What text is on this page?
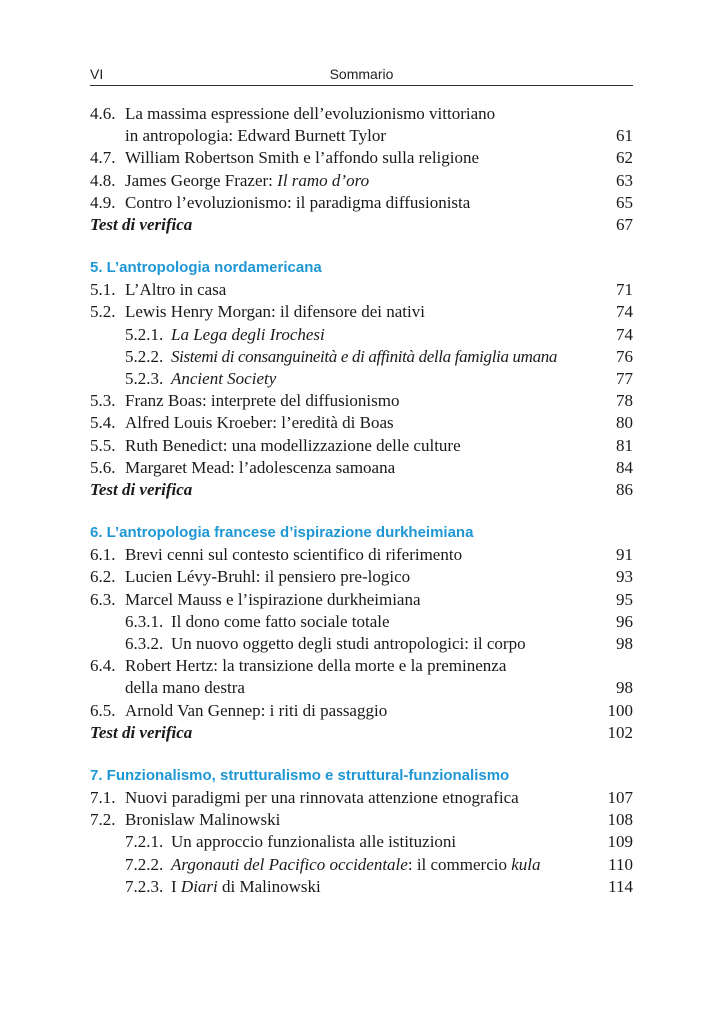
VI	Sommario
4.6. La massima espressione dell’evoluzionismo vittoriano
in antropologia: Edward Burnett Tylor	61
4.7. William Robertson Smith e l’affondo sulla religione	62
4.8. James George Frazer: Il ramo d’oro	63
4.9. Contro l’evoluzionismo: il paradigma diffusionista	65
Test di verifica	67
5. L’antropologia nordamericana
5.1. L’Altro in casa	71
5.2. Lewis Henry Morgan: il difensore dei nativi	74
5.2.1. La Lega degli Irochesi	74
5.2.2. Sistemi di consanguineità e di affinità della famiglia umana	76
5.2.3. Ancient Society	77
5.3. Franz Boas: interprete del diffusionismo	78
5.4. Alfred Louis Kroeber: l’eredità di Boas	80
5.5. Ruth Benedict: una modellizzazione delle culture	81
5.6. Margaret Mead: l’adolescenza samoana	84
Test di verifica	86
6. L’antropologia francese d’ispirazione durkheimiana
6.1. Brevi cenni sul contesto scientifico di riferimento	91
6.2. Lucien Lévy-Bruhl: il pensiero pre-logico	93
6.3. Marcel Mauss e l’ispirazione durkheimiana	95
6.3.1. Il dono come fatto sociale totale	96
6.3.2. Un nuovo oggetto degli studi antropologici: il corpo	98
6.4. Robert Hertz: la transizione della morte e la preminenza
della mano destra	98
6.5. Arnold Van Gennep: i riti di passaggio	100
Test di verifica	102
7. Funzionalismo, strutturalismo e struttural-funzionalismo
7.1. Nuovi paradigmi per una rinnovata attenzione etnografica	107
7.2. Bronislaw Malinowski	108
7.2.1. Un approccio funzionalista alle istituzioni	109
7.2.2. Argonauti del Pacifico occidentale: il commercio kula	110
7.2.3. I Diari di Malinowski	114
